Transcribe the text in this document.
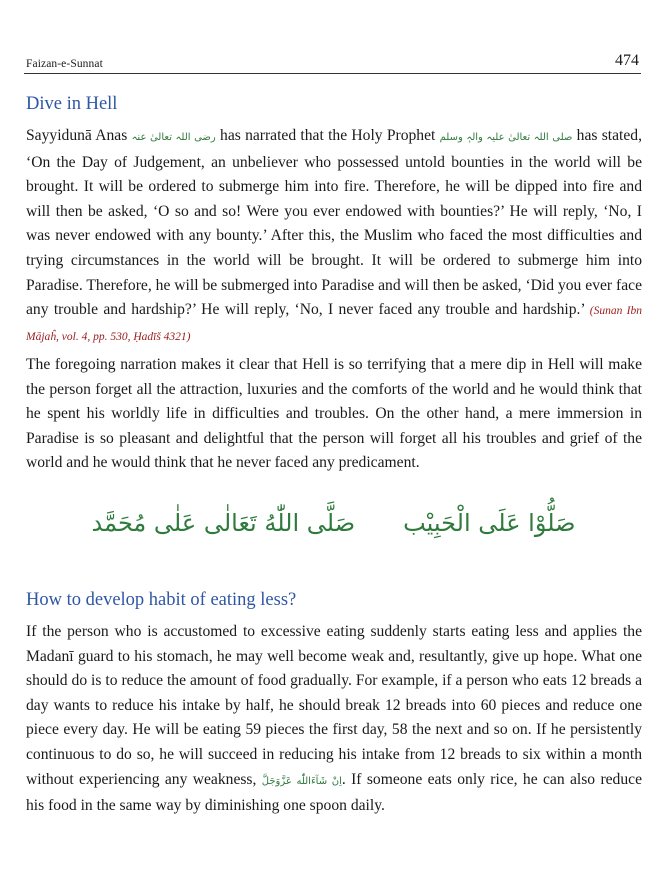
Faizan-e-Sunnat	474
Dive in Hell

Sayyidunā Anas رضی اللہ تعالیٰ عنہ has narrated that the Holy Prophet صلی اللہ تعالیٰ علیہ والہٖ وسلم has stated, ‘On the Day of Judgement, an unbeliever who possessed untold bounties in the world will be brought. It will be ordered to submerge him into fire. Therefore, he will be dipped into fire and will then be asked, ‘O so and so! Were you ever endowed with bounties?’ He will reply, ‘No, I was never endowed with any bounty.’ After this, the Muslim who faced the most difficulties and trying circumstances in the world will be brought. It will be ordered to submerge him into Paradise. Therefore, he will be submerged into Paradise and will then be asked, ‘Did you ever face any trouble and hardship?’ He will reply, ‘No, I never faced any trouble and hardship.’ (Sunan Ibn Mājaĥ, vol. 4, pp. 530, Ḥadīš 4321)

The foregoing narration makes it clear that Hell is so terrifying that a mere dip in Hell will make the person forget all the attraction, luxuries and the comforts of the world and he would think that he spent his worldly life in difficulties and troubles. On the other hand, a mere immersion in Paradise is so pleasant and delightful that the person will forget all his troubles and grief of the world and he would think that he never faced any predicament.

صَلُّوْا عَلَى الْحَبِيْب
صَلَّى اللّٰهُ تَعَالٰى عَلٰى مُحَمَّد
How to develop habit of eating less?

If the person who is accustomed to excessive eating suddenly starts eating less and applies the Madanī guard to his stomach, he may well become weak and, resultantly, give up hope. What one should do is to reduce the amount of food gradually. For example, if a person who eats 12 breads a day wants to reduce his intake by half, he should break 12 breads into 60 pieces and reduce one piece every day. He will be eating 59 pieces the first day, 58 the next and so on. If he persistently continuous to do so, he will succeed in reducing his intake from 12 breads to six within a month without experiencing any weakness, اِنْ شَآءَاللّٰه عَزَّوَجَلَّ. If someone eats only rice, he can also reduce his food in the same way by diminishing one spoon daily.
